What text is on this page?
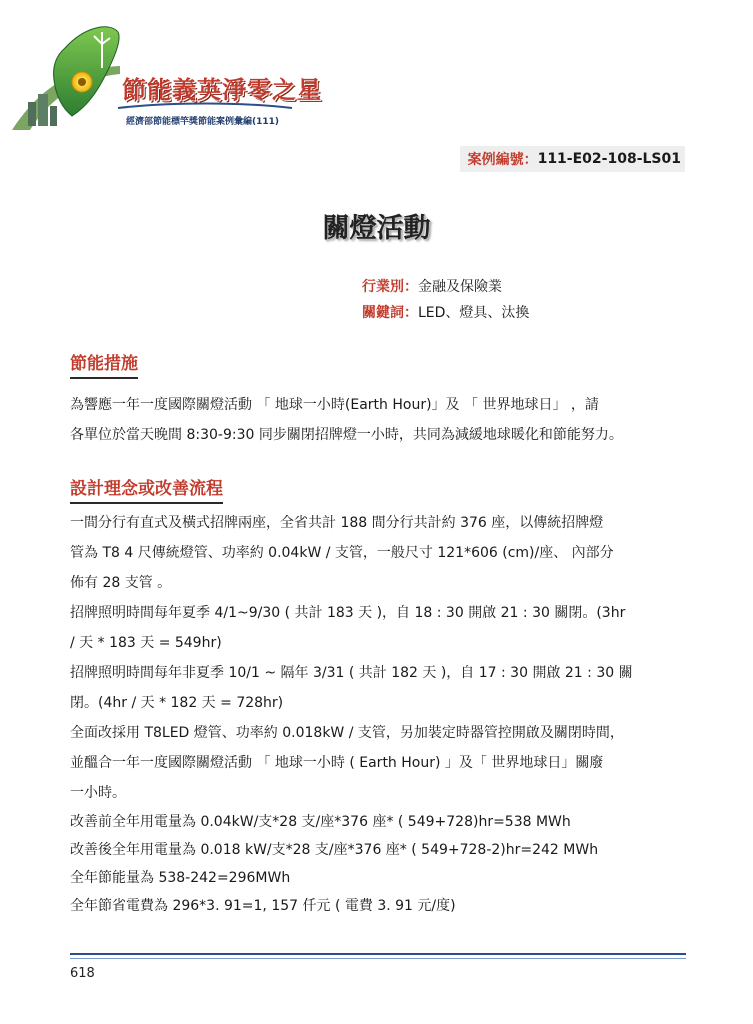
節能義英淨零之星
經濟部節能標竿獎節能案例彙編(111)
案例編號： 111-E02-108-LS01
關燈活動
行業別：金融及保險業
關鍵詞：LED、燈具、汰換
節能措施
為響應一年一度國際關燈活動 「 地球一小時(Earth Hour)」及 「 世界地球日」 ，請
各單位於當天晚間 8:30-9:30 同步關閉招牌燈一小時，共同為減緩地球暖化和節能努力。
設計理念或改善流程
一間分行有直式及橫式招牌兩座，全省共計 188 間分行共計約 376 座，以傳統招牌燈
管為 T8 4 尺傳統燈管、功率約 0.04kW / 支管，一般尺寸 121*606 (cm)/座、 內部分
佈有 28 支管 。
招牌照明時間每年夏季 4/1~9/30 ( 共計 183 天 )，自 18 : 30 開啟 21 : 30 關閉。(3hr
/ 天 * 183 天 = 549hr)
招牌照明時間每年非夏季 10/1 ~ 隔年 3/31 ( 共計 182 天 )，自 17 : 30 開啟 21 : 30 關
閉。(4hr / 天 * 182 天 = 728hr)
全面改採用 T8LED 燈管、功率約 0.018kW / 支管，另加裝定時器管控開啟及關閉時間，
並醞合一年一度國際關燈活動 「 地球一小時 ( Earth Hour) 」及「 世界地球日」關廢
一小時。
改善前全年用電量為 0.04kW/支*28 支/座*376 座* ( 549+728)hr=538 MWh
改善後全年用電量為 0.018 kW/支*28 支/座*376 座* ( 549+728-2)hr=242 MWh
全年節能量為 538-242=296MWh
全年節省電費為 296*3. 91=1, 157 仟元 ( 電費 3. 91 元/度)
618
